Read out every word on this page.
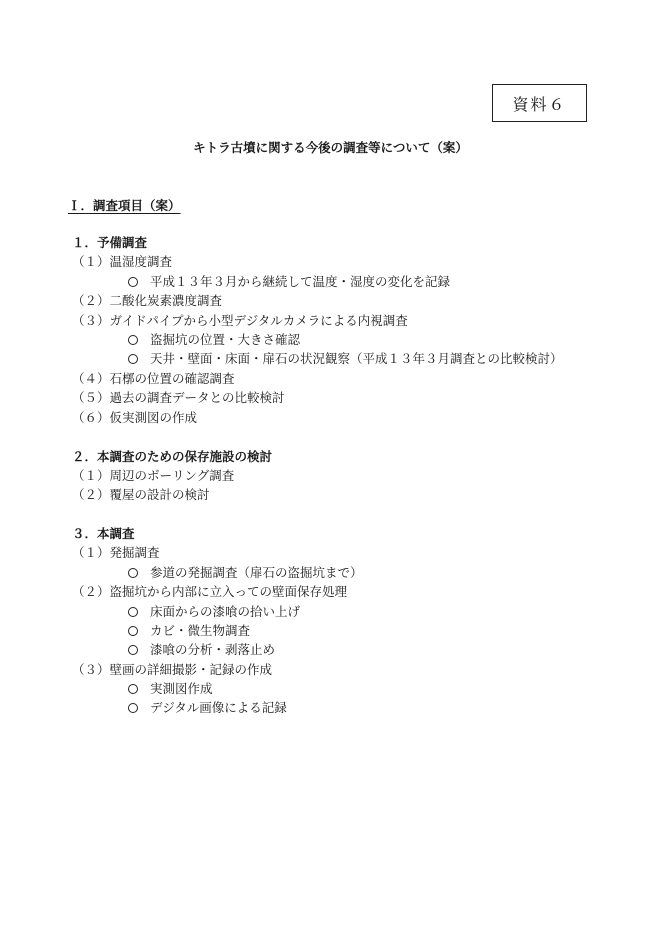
資料６
キトラ古墳に関する今後の調査等について（案）
Ｉ．調査項目（案）
１．予備調査
（１）温湿度調査
平成１３年３月から継続して温度・湿度の変化を記録
（２）二酸化炭素濃度調査
（３）ガイドパイプから小型デジタルカメラによる内視調査
盗掘坑の位置・大きさ確認
天井・壁面・床面・扉石の状況観察（平成１３年３月調査との比較検討）
（４）石槨の位置の確認調査
（５）過去の調査データとの比較検討
（６）仮実測図の作成
２．本調査のための保存施設の検討
（１）周辺のボーリング調査
（２）覆屋の設計の検討
３．本調査
（１）発掘調査
参道の発掘調査（扉石の盗掘坑まで）
（２）盗掘坑から内部に立入っての壁面保存処理
床面からの漆喰の拾い上げ
カビ・微生物調査
漆喰の分析・剥落止め
（３）壁画の詳細撮影・記録の作成
実測図作成
デジタル画像による記録
